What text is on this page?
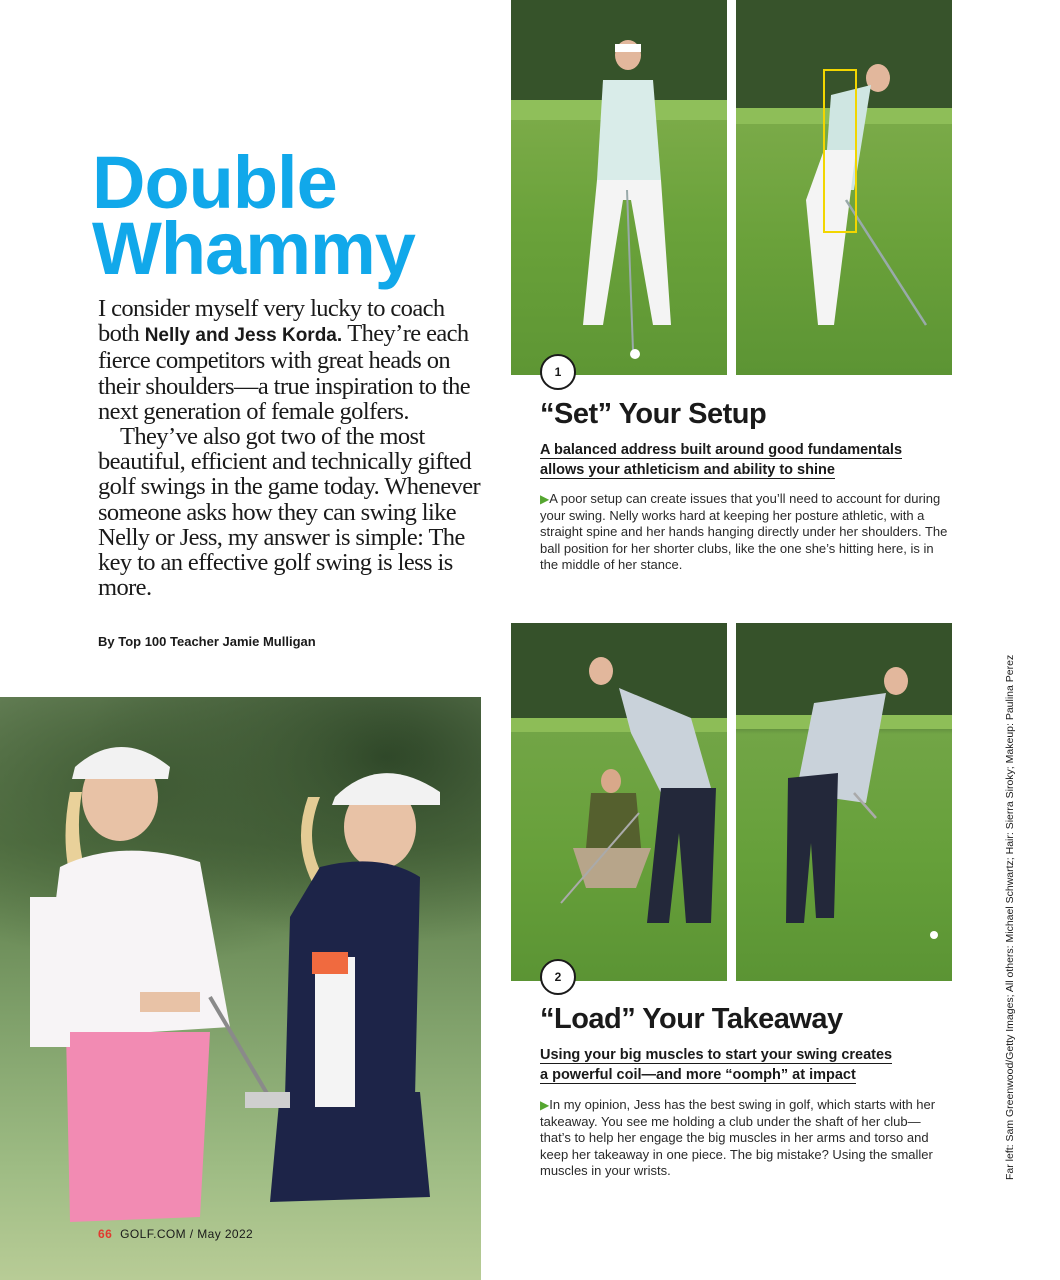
Double
Whammy

I consider myself very lucky to coach both Nelly and Jess Korda. They’re each fierce competitors with great heads on their shoulders—a true inspiration to the next generation of female golfers.

They’ve also got two of the most beautiful, efficient and technically gifted golf swings in the game today. Whenever someone asks how they can swing like Nelly or Jess, my answer is simple: The key to an effective golf swing is less is more.

By Top 100 Teacher Jamie Mulligan
1
“Set” Your Setup
A balanced address built around good fundamentals
allows your athleticism and ability to shine
▶A poor setup can create issues that you’ll need to account for during your swing. Nelly works hard at keeping her posture athletic, with a straight spine and her hands hanging directly under her shoulders. The ball position for her shorter clubs, like the one she’s hitting here, is in the middle of her stance.
2
“Load” Your Takeaway
Using your big muscles to start your swing creates
a powerful coil—and more “oomph” at impact
▶In my opinion, Jess has the best swing in golf, which starts with her takeaway. You see me holding a club under the shaft of her club—that’s to help her engage the big muscles in her arms and torso and keep her takeaway in one piece. The big mistake? Using the smaller muscles in your wrists.
66 GOLF.COM / May 2022
Far left: Sam Greenwood/Getty Images; All others: Michael Schwartz; Hair: Sierra Siroky; Makeup: Paulina Perez
